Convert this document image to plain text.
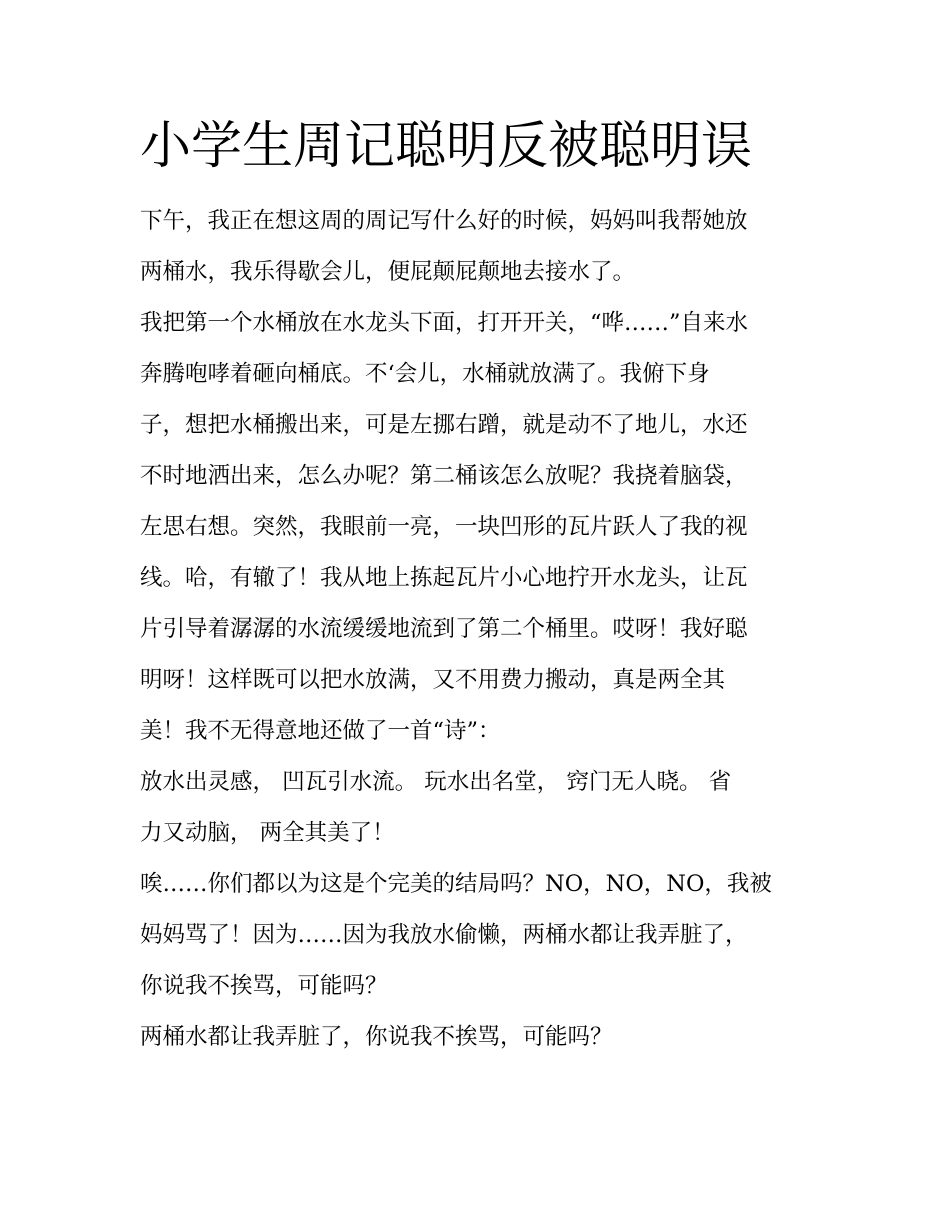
小学生周记聪明反被聪明误
下午，我正在想这周的周记写什么好的时候，妈妈叫我帮她放
两桶水，我乐得歇会儿，便屁颠屁颠地去接水了。
我把第一个水桶放在水龙头下面，打开开关，“哗……”自来水
奔腾咆哮着砸向桶底。不‘会儿，水桶就放满了。我俯下身
子，想把水桶搬出来，可是左挪右蹭，就是动不了地儿，水还
不时地洒出来，怎么办呢？第二桶该怎么放呢？我挠着脑袋，
左思右想。突然，我眼前一亮，一块凹形的瓦片跃人了我的视
线。哈，有辙了！我从地上拣起瓦片小心地拧开水龙头，让瓦
片引导着潺潺的水流缓缓地流到了第二个桶里。哎呀！我好聪
明呀！这样既可以把水放满，又不用费力搬动，真是两全其
美！我不无得意地还做了一首“诗”：
放水出灵感， 凹瓦引水流。 玩水出名堂， 窍门无人晓。 省
力又动脑， 两全其美了！
唉……你们都以为这是个完美的结局吗？NO，NO，NO，我被
妈妈骂了！因为……因为我放水偷懒，两桶水都让我弄脏了，
你说我不挨骂，可能吗？
两桶水都让我弄脏了，你说我不挨骂，可能吗？
